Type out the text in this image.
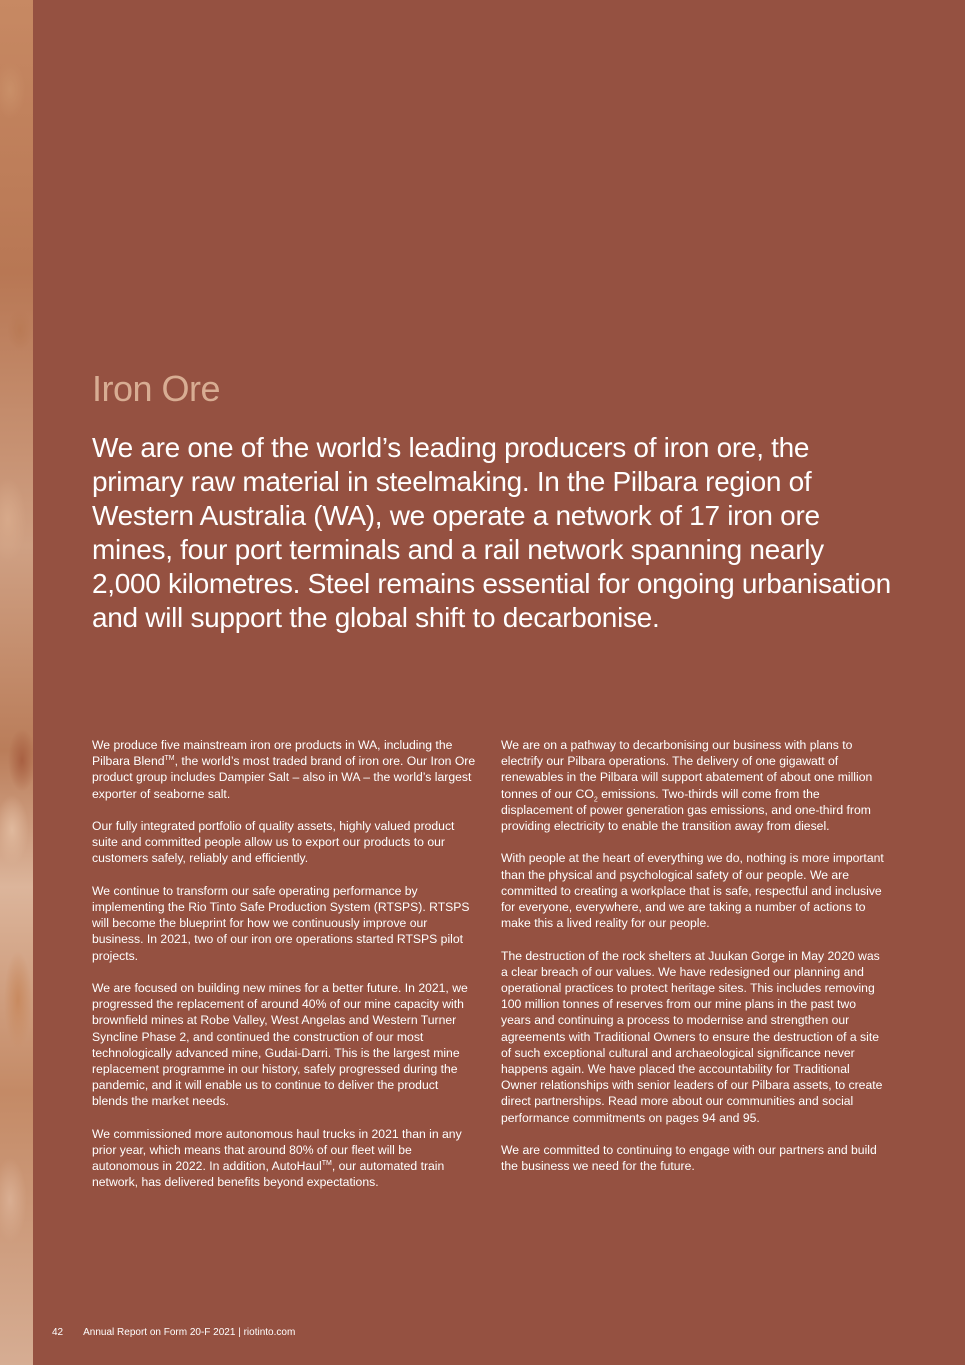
Iron Ore

We are one of the world’s leading producers of iron ore, the primary raw material in steelmaking. In the Pilbara region of Western Australia (WA), we operate a network of 17 iron ore mines, four port terminals and a rail network spanning nearly 2,000 kilometres. Steel remains essential for ongoing urbanisation and will support the global shift to decarbonise.

We produce five mainstream iron ore products in WA, including the Pilbara Blend™, the world’s most traded brand of iron ore. Our Iron Ore product group includes Dampier Salt – also in WA – the world’s largest exporter of seaborne salt.

Our fully integrated portfolio of quality assets, highly valued product suite and committed people allow us to export our products to our customers safely, reliably and efficiently.

We continue to transform our safe operating performance by implementing the Rio Tinto Safe Production System (RTSPS). RTSPS will become the blueprint for how we continuously improve our business. In 2021, two of our iron ore operations started RTSPS pilot projects.

We are focused on building new mines for a better future. In 2021, we progressed the replacement of around 40% of our mine capacity with brownfield mines at Robe Valley, West Angelas and Western Turner Syncline Phase 2, and continued the construction of our most technologically advanced mine, Gudai-Darri. This is the largest mine replacement programme in our history, safely progressed during the pandemic, and it will enable us to continue to deliver the product blends the market needs.

We commissioned more autonomous haul trucks in 2021 than in any prior year, which means that around 80% of our fleet will be autonomous in 2022. In addition, AutoHaul™, our automated train network, has delivered benefits beyond expectations.

We are on a pathway to decarbonising our business with plans to electrify our Pilbara operations. The delivery of one gigawatt of renewables in the Pilbara will support abatement of about one million tonnes of our $CO_2$ emissions. Two-thirds will come from the displacement of power generation gas emissions, and one-third from providing electricity to enable the transition away from diesel.

With people at the heart of everything we do, nothing is more important than the physical and psychological safety of our people. We are committed to creating a workplace that is safe, respectful and inclusive for everyone, everywhere, and we are taking a number of actions to make this a lived reality for our people.

The destruction of the rock shelters at Juukan Gorge in May 2020 was a clear breach of our values. We have redesigned our planning and operational practices to protect heritage sites. This includes removing 100 million tonnes of reserves from our mine plans in the past two years and continuing a process to modernise and strengthen our agreements with Traditional Owners to ensure the destruction of a site of such exceptional cultural and archaeological significance never happens again. We have placed the accountability for Traditional Owner relationships with senior leaders of our Pilbara assets, to create direct partnerships. Read more about our communities and social performance commitments on pages 94 and 95.

We are committed to continuing to engage with our partners and build the business we need for the future.

42 Annual Report on Form 20-F 2021 | riotinto.com
